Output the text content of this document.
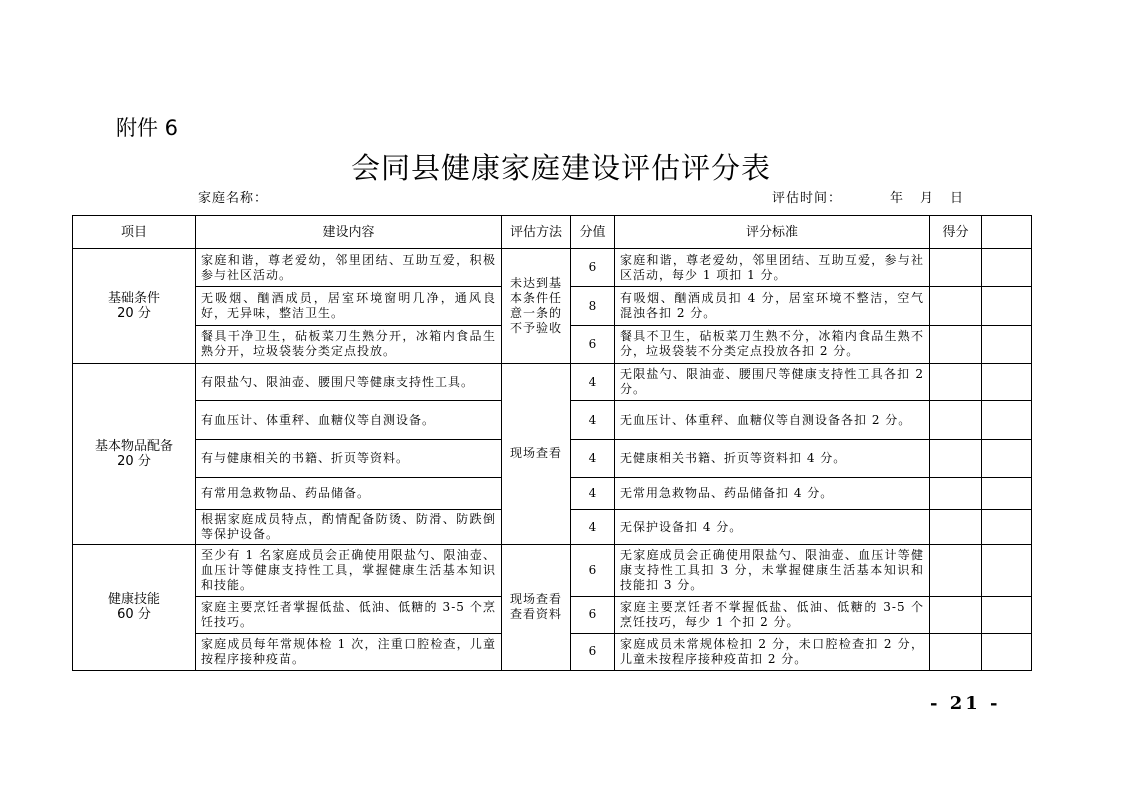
附件 6
会同县健康家庭建设评估评分表
家庭名称：	评估时间：	年 月 日
项目	建设内容	评估方法	分值	评分标准	得分	

基础条件
20 分	家庭和谐，尊老爱幼，邻里团结、互助互爱，积极参与社区活动。	未达到基本条件任意一条的不予验收	6	家庭和谐，尊老爱幼，邻里团结、互助互爱，参与社区活动，每少 1 项扣 1 分。		
	无吸烟、酗酒成员，居室环境窗明几净，通风良好，无异味，整洁卫生。		8	有吸烟、酗酒成员扣 4 分，居室环境不整洁，空气混浊各扣 2 分。		
	餐具干净卫生，砧板菜刀生熟分开，冰箱内食品生熟分开，垃圾袋装分类定点投放。		6	餐具不卫生，砧板菜刀生熟不分，冰箱内食品生熟不分，垃圾袋装不分类定点投放各扣 2 分。		

基本物品配备
20 分	有限盐勺、限油壶、腰围尺等健康支持性工具。	现场查看	4	无限盐勺、限油壶、腰围尺等健康支持性工具各扣 2 分。		
	有血压计、体重秤、血糖仪等自测设备。		4	无血压计、体重秤、血糖仪等自测设备各扣 2 分。		
	有与健康相关的书籍、折页等资料。		4	无健康相关书籍、折页等资料扣 4 分。		
	有常用急救物品、药品储备。		4	无常用急救物品、药品储备扣 4 分。		
	根据家庭成员特点，酌情配备防烫、防滑、防跌倒等保护设备。		4	无保护设备扣 4 分。		

健康技能
60 分	至少有 1 名家庭成员会正确使用限盐勺、限油壶、血压计等健康支持性工具，掌握健康生活基本知识和技能。	现场查看查看资料	6	无家庭成员会正确使用限盐勺、限油壶、血压计等健康支持性工具扣 3 分，未掌握健康生活基本知识和技能扣 3 分。		
	家庭主要烹饪者掌握低盐、低油、低糖的 3-5 个烹饪技巧。		6	家庭主要烹饪者不掌握低盐、低油、低糖的 3-5 个烹饪技巧，每少 1 个扣 2 分。		
	家庭成员每年常规体检 1 次，注重口腔检查，儿童按程序接种疫苗。		6	家庭成员未常规体检扣 2 分，未口腔检查扣 2 分，儿童未按程序接种疫苗扣 2 分。		
- 21 -
